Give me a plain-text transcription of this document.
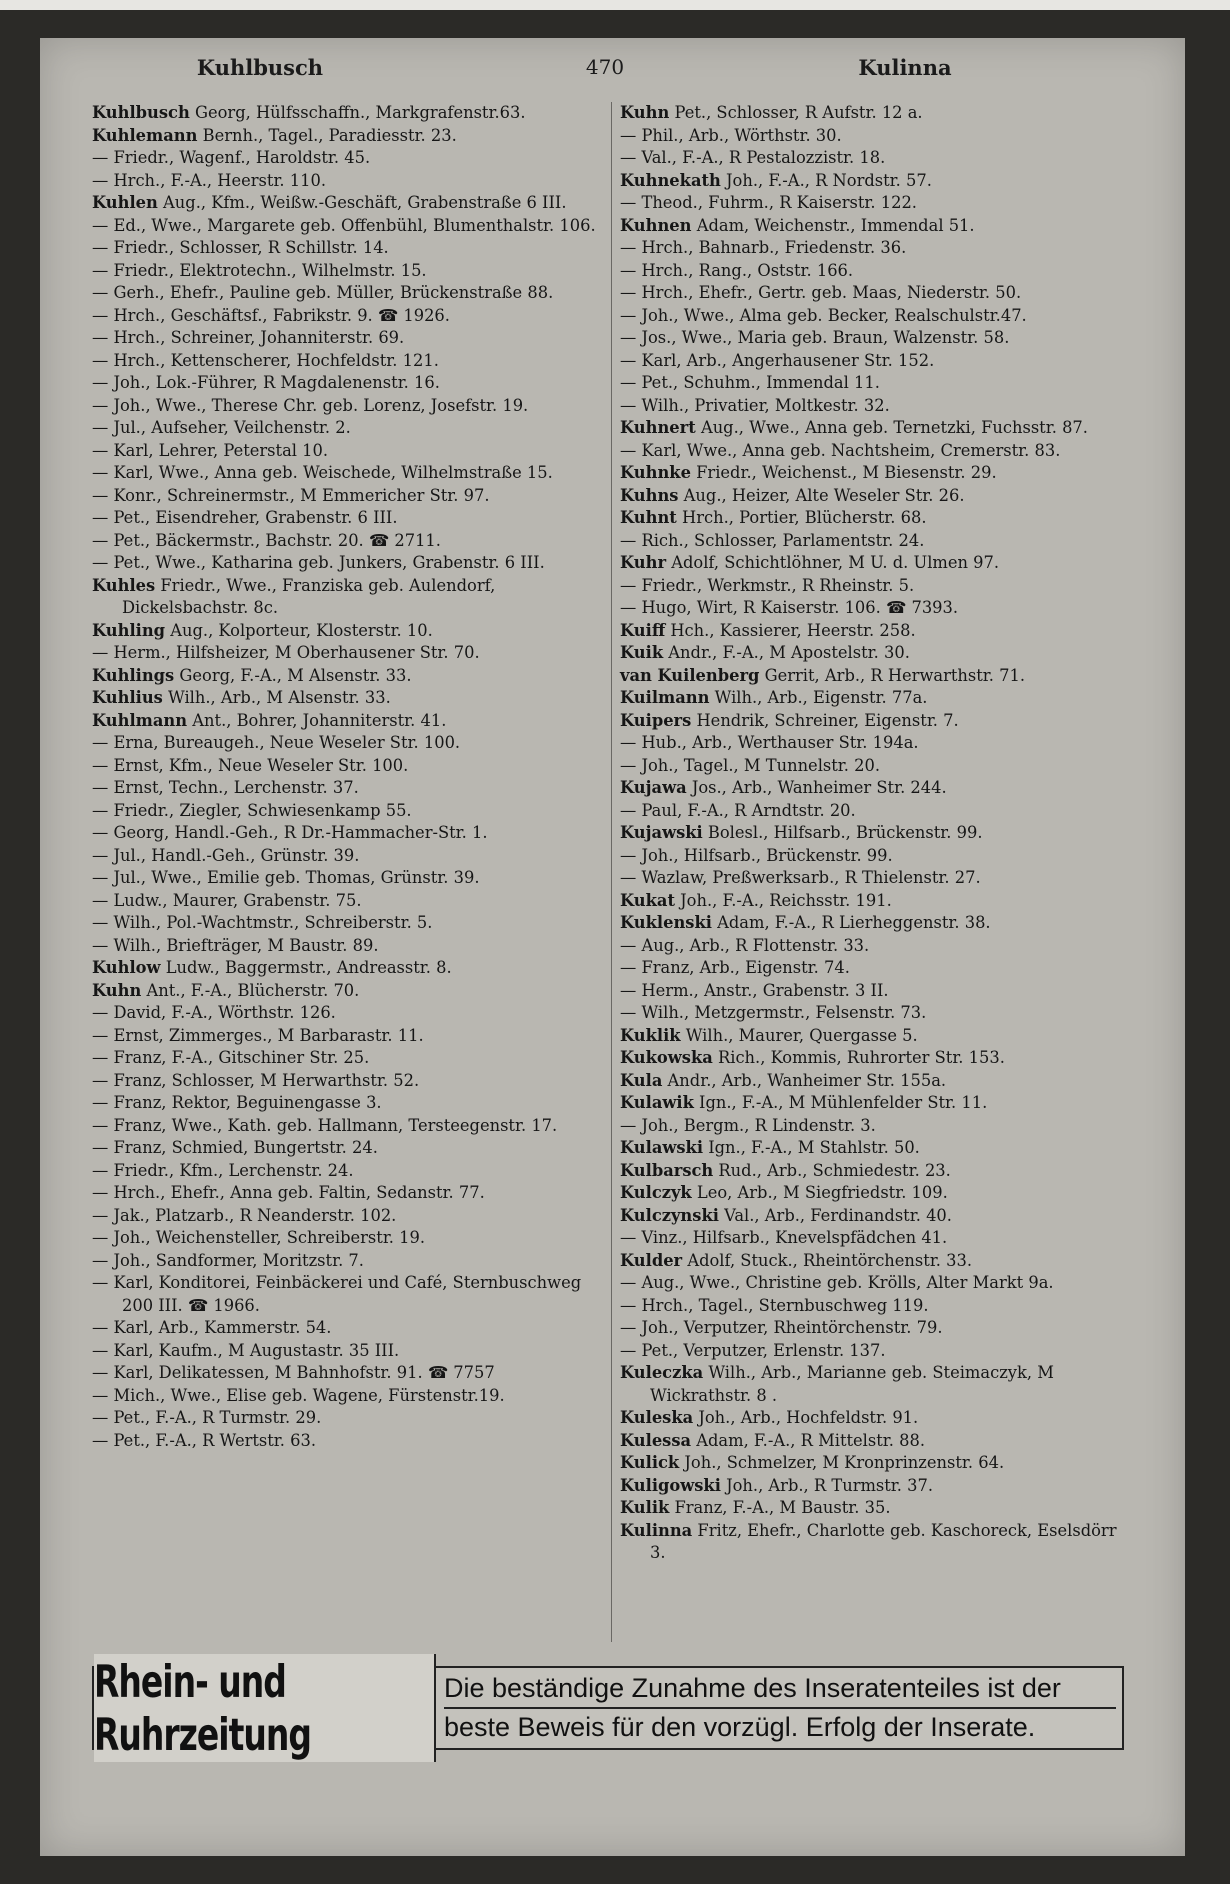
Kuhlbusch	470	Kulinna
Kuhlbusch Georg, Hülfsschaffn., Markgrafenstr.63.
Kuhlemann Bernh., Tagel., Paradiesstr. 23.
— Friedr., Wagenf., Haroldstr. 45.
— Hrch., F.-A., Heerstr. 110.
Kuhlen Aug., Kfm., Weißw.-Geschäft, Grabenstraße 6 III.
— Ed., Wwe., Margarete geb. Offenbühl, Blumenthalstr. 106.
— Friedr., Schlosser, R Schillstr. 14.
— Friedr., Elektrotechn., Wilhelmstr. 15.
— Gerh., Ehefr., Pauline geb. Müller, Brückenstraße 88.
— Hrch., Geschäftsf., Fabrikstr. 9. ☎ 1926.
— Hrch., Schreiner, Johanniterstr. 69.
— Hrch., Kettenscherer, Hochfeldstr. 121.
— Joh., Lok.-Führer, R Magdalenenstr. 16.
— Joh., Wwe., Therese Chr. geb. Lorenz, Josefstr. 19.
— Jul., Aufseher, Veilchenstr. 2.
— Karl, Lehrer, Peterstal 10.
— Karl, Wwe., Anna geb. Weischede, Wilhelmstraße 15.
— Konr., Schreinermstr., M Emmericher Str. 97.
— Pet., Eisendreher, Grabenstr. 6 III.
— Pet., Bäckermstr., Bachstr. 20. ☎ 2711.
— Pet., Wwe., Katharina geb. Junkers, Grabenstr. 6 III.
Kuhles Friedr., Wwe., Franziska geb. Aulendorf, Dickelsbachstr. 8c.
Kuhling Aug., Kolporteur, Klosterstr. 10.
— Herm., Hilfsheizer, M Oberhausener Str. 70.
Kuhlings Georg, F.-A., M Alsenstr. 33.
Kuhlius Wilh., Arb., M Alsenstr. 33.
Kuhlmann Ant., Bohrer, Johanniterstr. 41.
— Erna, Bureaugeh., Neue Weseler Str. 100.
— Ernst, Kfm., Neue Weseler Str. 100.
— Ernst, Techn., Lerchenstr. 37.
— Friedr., Ziegler, Schwiesenkamp 55.
— Georg, Handl.-Geh., R Dr.-Hammacher-Str. 1.
— Jul., Handl.-Geh., Grünstr. 39.
— Jul., Wwe., Emilie geb. Thomas, Grünstr. 39.
— Ludw., Maurer, Grabenstr. 75.
— Wilh., Pol.-Wachtmstr., Schreiberstr. 5.
— Wilh., Briefträger, M Baustr. 89.
Kuhlow Ludw., Baggermstr., Andreasstr. 8.
Kuhn Ant., F.-A., Blücherstr. 70.
— David, F.-A., Wörthstr. 126.
— Ernst, Zimmerges., M Barbarastr. 11.
— Franz, F.-A., Gitschiner Str. 25.
— Franz, Schlosser, M Herwarthstr. 52.
— Franz, Rektor, Beguinengasse 3.
— Franz, Wwe., Kath. geb. Hallmann, Tersteegenstr. 17.
— Franz, Schmied, Bungertstr. 24.
— Friedr., Kfm., Lerchenstr. 24.
— Hrch., Ehefr., Anna geb. Faltin, Sedanstr. 77.
— Jak., Platzarb., R Neanderstr. 102.
— Joh., Weichensteller, Schreiberstr. 19.
— Joh., Sandformer, Moritzstr. 7.
— Karl, Konditorei, Feinbäckerei und Café, Sternbuschweg 200 III. ☎ 1966.
— Karl, Arb., Kammerstr. 54.
— Karl, Kaufm., M Augustastr. 35 III.
— Karl, Delikatessen, M Bahnhofstr. 91. ☎ 7757
— Mich., Wwe., Elise geb. Wagene, Fürstenstr.19.
— Pet., F.-A., R Turmstr. 29.
— Pet., F.-A., R Wertstr. 63.
Kuhn Pet., Schlosser, R Aufstr. 12 a.
— Phil., Arb., Wörthstr. 30.
— Val., F.-A., R Pestalozzistr. 18.
Kuhnekath Joh., F.-A., R Nordstr. 57.
— Theod., Fuhrm., R Kaiserstr. 122.
Kuhnen Adam, Weichenstr., Immendal 51.
— Hrch., Bahnarb., Friedenstr. 36.
— Hrch., Rang., Oststr. 166.
— Hrch., Ehefr., Gertr. geb. Maas, Niederstr. 50.
— Joh., Wwe., Alma geb. Becker, Realschulstr.47.
— Jos., Wwe., Maria geb. Braun, Walzenstr. 58.
— Karl, Arb., Angerhausener Str. 152.
— Pet., Schuhm., Immendal 11.
— Wilh., Privatier, Moltkestr. 32.
Kuhnert Aug., Wwe., Anna geb. Ternetzki, Fuchsstr. 87.
— Karl, Wwe., Anna geb. Nachtsheim, Cremerstr. 83.
Kuhnke Friedr., Weichenst., M Biesenstr. 29.
Kuhns Aug., Heizer, Alte Weseler Str. 26.
Kuhnt Hrch., Portier, Blücherstr. 68.
— Rich., Schlosser, Parlamentstr. 24.
Kuhr Adolf, Schichtlöhner, M U. d. Ulmen 97.
— Friedr., Werkmstr., R Rheinstr. 5.
— Hugo, Wirt, R Kaiserstr. 106. ☎ 7393.
Kuiff Hch., Kassierer, Heerstr. 258.
Kuik Andr., F.-A., M Apostelstr. 30.
van Kuilenberg Gerrit, Arb., R Herwarthstr. 71.
Kuilmann Wilh., Arb., Eigenstr. 77a.
Kuipers Hendrik, Schreiner, Eigenstr. 7.
— Hub., Arb., Werthauser Str. 194a.
— Joh., Tagel., M Tunnelstr. 20.
Kujawa Jos., Arb., Wanheimer Str. 244.
— Paul, F.-A., R Arndtstr. 20.
Kujawski Bolesl., Hilfsarb., Brückenstr. 99.
— Joh., Hilfsarb., Brückenstr. 99.
— Wazlaw, Preßwerksarb., R Thielenstr. 27.
Kukat Joh., F.-A., Reichsstr. 191.
Kuklenski Adam, F.-A., R Lierheggenstr. 38.
— Aug., Arb., R Flottenstr. 33.
— Franz, Arb., Eigenstr. 74.
— Herm., Anstr., Grabenstr. 3 II.
— Wilh., Metzgermstr., Felsenstr. 73.
Kuklik Wilh., Maurer, Quergasse 5.
Kukowska Rich., Kommis, Ruhrorter Str. 153.
Kula Andr., Arb., Wanheimer Str. 155a.
Kulawik Ign., F.-A., M Mühlenfelder Str. 11.
— Joh., Bergm., R Lindenstr. 3.
Kulawski Ign., F.-A., M Stahlstr. 50.
Kulbarsch Rud., Arb., Schmiedestr. 23.
Kulczyk Leo, Arb., M Siegfriedstr. 109.
Kulczynski Val., Arb., Ferdinandstr. 40.
— Vinz., Hilfsarb., Knevelspfädchen 41.
Kulder Adolf, Stuck., Rheintörchenstr. 33.
— Aug., Wwe., Christine geb. Krölls, Alter Markt 9a.
— Hrch., Tagel., Sternbuschweg 119.
— Joh., Verputzer, Rheintörchenstr. 79.
— Pet., Verputzer, Erlenstr. 137.
Kuleczka Wilh., Arb., Marianne geb. Steimaczyk, M Wickrathstr. 8 .
Kuleska Joh., Arb., Hochfeldstr. 91.
Kulessa Adam, F.-A., R Mittelstr. 88.
Kulick Joh., Schmelzer, M Kronprinzenstr. 64.
Kuligowski Joh., Arb., R Turmstr. 37.
Kulik Franz, F.-A., M Baustr. 35.
Kulinna Fritz, Ehefr., Charlotte geb. Kaschoreck, Eselsdörr 3.
Rhein- und Ruhrzeitung
Die beständige Zunahme des Inseratenteiles ist der
beste Beweis für den vorzügl. Erfolg der Inserate.
